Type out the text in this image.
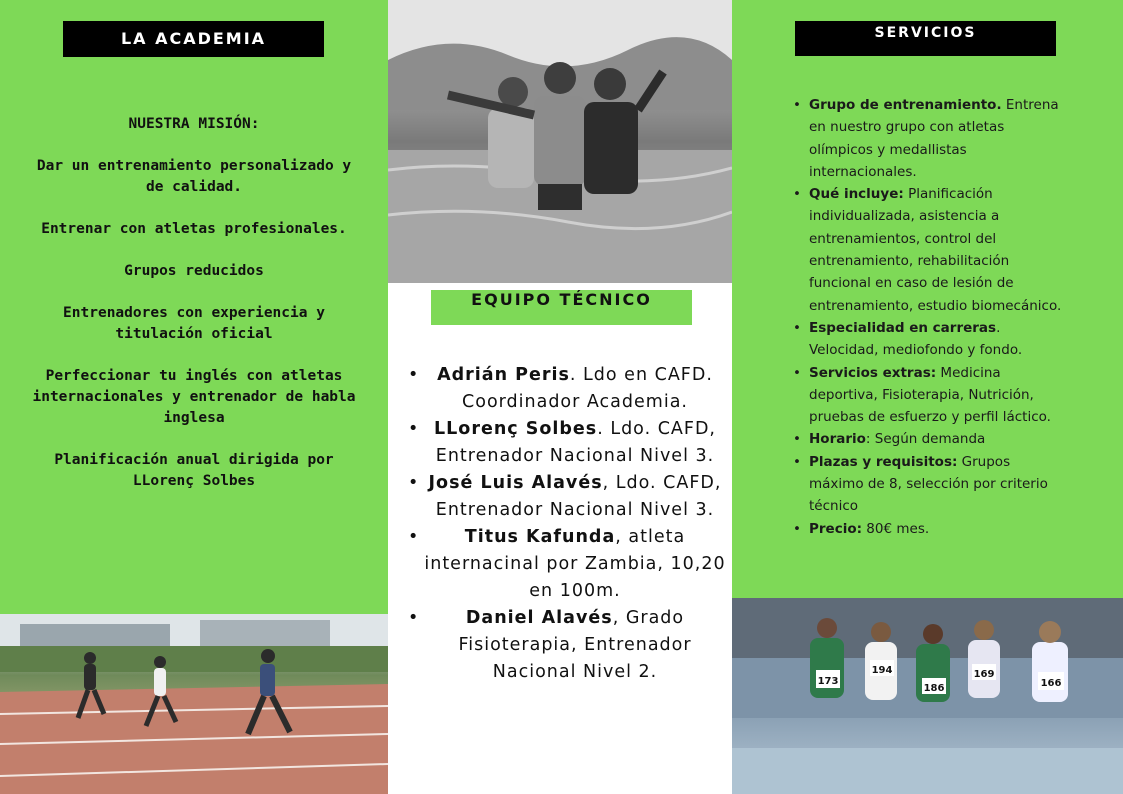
LA ACADEMIA

NUESTRA MISIÓN:

Dar un entrenamiento personalizado y de calidad.

Entrenar con atletas profesionales.

Grupos reducidos

Entrenadores con experiencia y titulación oficial

Perfeccionar tu inglés con atletas internacionales y entrenador de habla inglesa

Planificación anual dirigida por LLorenç Solbes

EQUIPO TÉCNICO
• Adrián Peris. Ldo en CAFD. Coordinador Academia.
• LLorenç Solbes. Ldo. CAFD, Entrenador Nacional Nivel 3.
• José Luis Alavés, Ldo. CAFD, Entrenador Nacional Nivel 3.
• Titus Kafunda, atleta internacinal por Zambia, 10,20 en 100m.
• Daniel Alavés, Grado Fisioterapia, Entrenador Nacional Nivel 2.
SERVICIOS
• Grupo de entrenamiento. Entrena en nuestro grupo con atletas olímpicos y medallistas internacionales.
• Qué incluye: Planificación individualizada, asistencia a entrenamientos, control del entrenamiento, rehabilitación funcional en caso de lesión de entrenamiento, estudio biomecánico.
• Especialidad en carreras. Velocidad, mediofondo y fondo.
• Servicios extras: Medicina deportiva, Fisioterapia, Nutrición, pruebas de esfuerzo y perfil láctico.
• Horario: Según demanda
• Plazas y requisitos: Grupos máximo de 8, selección por criterio técnico
• Precio: 80€ mes.
173
194
186
169
166
